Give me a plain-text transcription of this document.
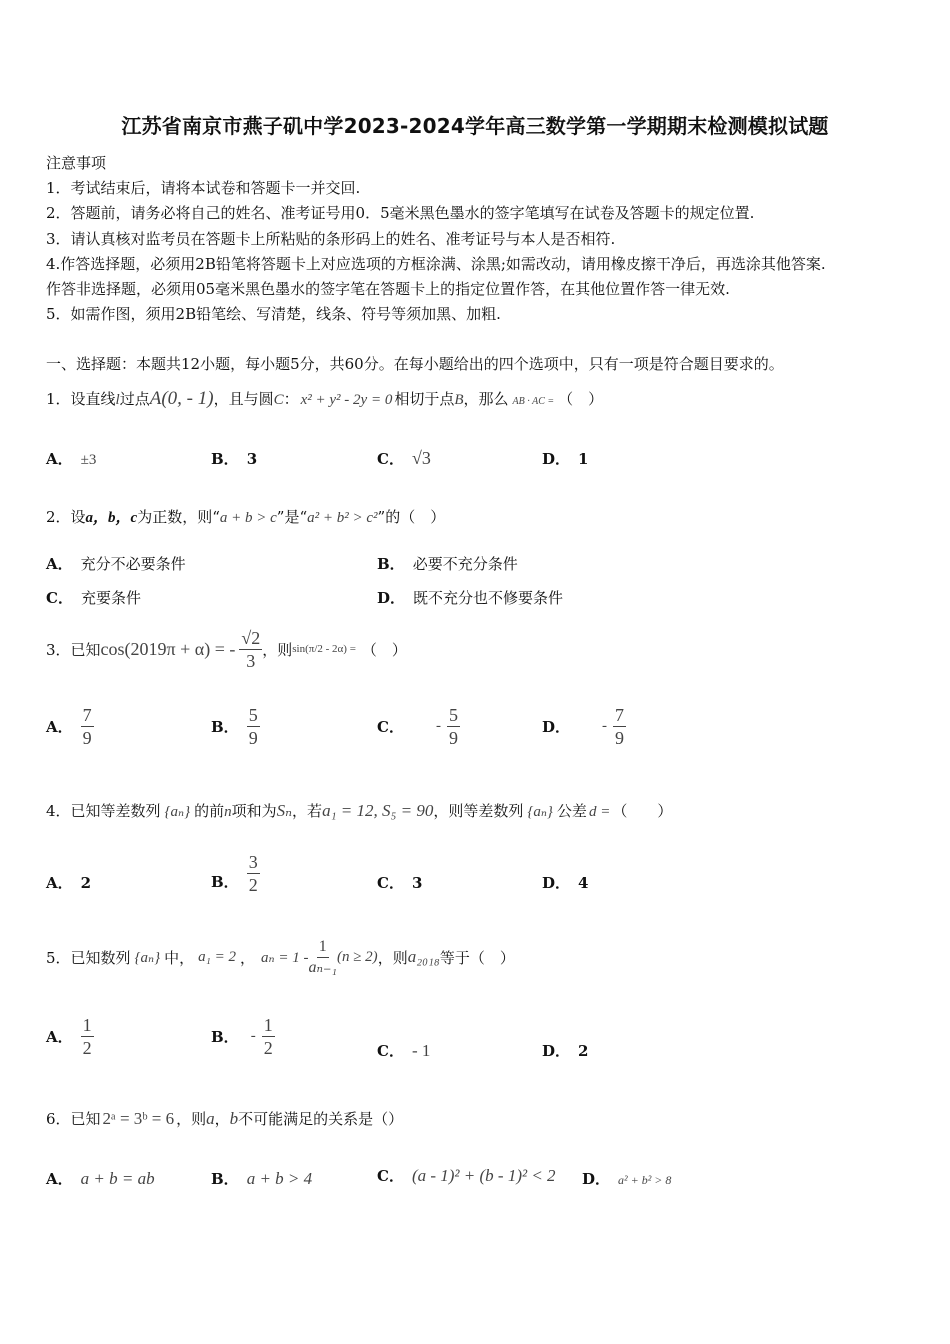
江苏省南京市燕子矶中学2023-2024学年高三数学第一学期期末检测模拟试题
注意事项
1．考试结束后，请将本试卷和答题卡一并交回.
2．答题前，请务必将自己的姓名、准考证号用0．5毫米黑色墨水的签字笔填写在试卷及答题卡的规定位置.
3．请认真核对监考员在答题卡上所粘贴的条形码上的姓名、准考证号与本人是否相符.
4.作答选择题，必须用2B铅笔将答题卡上对应选项的方框涂满、涂黑;如需改动，请用橡皮擦干净后，再选涂其他答案.
作答非选择题，必须用05毫米黑色墨水的签字笔在答题卡上的指定位置作答，在其他位置作答一律无效.
5．如需作图，须用2B铅笔绘、写清楚，线条、符号等须加黑、加粗.
一、选择题：本题共12小题，每小题5分，共60分。在每小题给出的四个选项中，只有一项是符合题目要求的。
1．设直线l过点A(0, - 1)，且与圆C： x² + y² - 2y = 0 相切于点B，那么 AB · AC = （　）
A． ±3	B． 3	C． √3	D． 1
2．设a，b，c为正数，则“a + b > c”是“a² + b² > c²”的（　）
A． 充分不必要条件	B． 必要不充分条件
C． 充要条件	D． 既不充分也不修要条件
3．已知 cos(2019π + α) = - $\frac{√2}{3}$ ，则 sin(π/2 - 2α) = （　）
A． $\frac{7}{9}$	B． $\frac{5}{9}$	C． - $\frac{5}{9}$	D． - $\frac{7}{9}$
4．已知等差数列 {aₙ} 的前n项和为Sₙ，若a₁ = 12, S₅ = 90，则等差数列 {aₙ} 公差 d = （　　）
A． 2	B． $\frac{3}{2}$	C． 3	D． 4
5．已知数列 {aₙ} 中， a₁ = 2 ， $a_n = 1 - \frac{1}{\text{aₙ₋₁}} (n \ge 2)$ ，则 a₂₀₁₈ 等于（　）
A． $\frac{1}{2}$	B． - $\frac{1}{2}$	C． - 1	D． 2
6．已知 2ᵃ = 3ᵇ = 6 ，则a，b不可能满足的关系是（）
A． a + b = ab	B． a + b > 4	C． (a - 1)² + (b - 1)² < 2 D． a² + b² > 8
